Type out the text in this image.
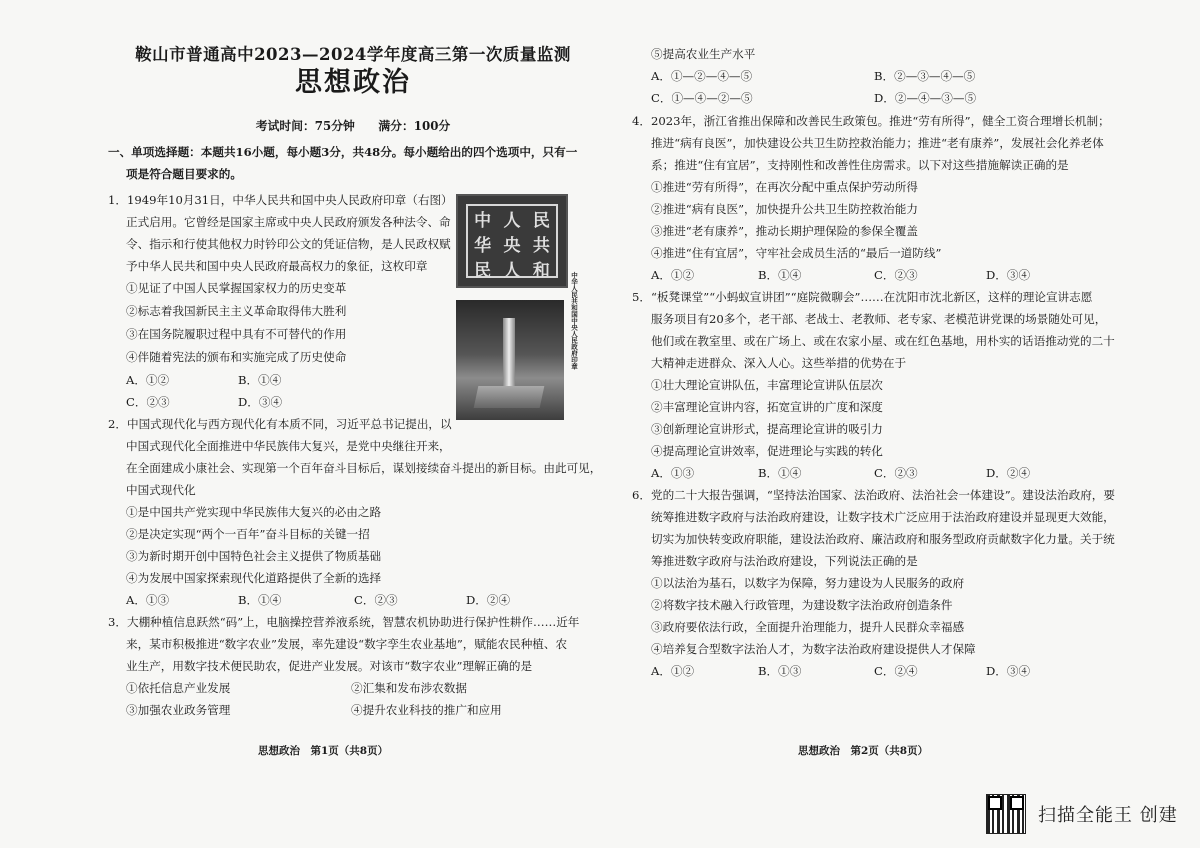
鞍山市普通高中2023—2024学年度高三第一次质量监测
思想政治
考试时间：75分钟　　满分：100分
一、单项选择题：本题共16小题，每小题3分，共48分。每小题给出的四个选项中，只有一
项是符合题目要求的。
1．1949年10月31日，中华人民共和国中央人民政府印章（右图）
正式启用。它曾经是国家主席或中央人民政府颁发各种法令、命
令、指示和行使其他权力时钤印公文的凭证信物，是人民政权赋
予中华人民共和国中央人民政府最高权力的象征，这枚印章
①见证了中国人民掌握国家权力的历史变革
②标志着我国新民主主义革命取得伟大胜利
③在国务院履职过程中具有不可替代的作用
④伴随着宪法的颁布和实施完成了历史使命
A．①②	B．①④
C．②③	D．③④
2．中国式现代化与西方现代化有本质不同，习近平总书记提出，以
中国式现代化全面推进中华民族伟大复兴，是党中央继往开来，
在全面建成小康社会、实现第一个百年奋斗目标后，谋划接续奋斗提出的新目标。由此可见，
中国式现代化
①是中国共产党实现中华民族伟大复兴的必由之路
②是决定实现“两个一百年”奋斗目标的关键一招
③为新时期开创中国特色社会主义提供了物质基础
④为发展中国家探索现代化道路提供了全新的选择
A．①③	B．①④	C．②③	D．②④
3．大棚种植信息跃然“码”上，电脑操控营养液系统，智慧农机协助进行保护性耕作……近年
来，某市积极推进“数字农业”发展，率先建设“数字孪生农业基地”，赋能农民种植、农
业生产，用数字技术便民助农，促进产业发展。对该市“数字农业”理解正确的是
①依托信息产业发展	②汇集和发布涉农数据
③加强农业政务管理	④提升农业科技的推广和应用
思想政治　第1页（共8页）
中 人 民
华 央 共
民 人 和
中华人民共和国中央人民政府印章
⑤提高农业生产水平
A．①—②—④—⑤	B．②—③—④—⑤
C．①—④—②—⑤	D．②—④—③—⑤
4．2023年，浙江省推出保障和改善民生政策包。推进“劳有所得”，健全工资合理增长机制；
推进“病有良医”，加快建设公共卫生防控救治能力；推进“老有康养”，发展社会化养老体
系；推进“住有宜居”，支持刚性和改善性住房需求。以下对这些措施解读正确的是
①推进“劳有所得”，在再次分配中重点保护劳动所得
②推进“病有良医”，加快提升公共卫生防控救治能力
③推进“老有康养”，推动长期护理保险的参保全覆盖
④推进“住有宜居”，守牢社会成员生活的“最后一道防线”
A．①②	B．①④	C．②③	D．③④
5．“板凳课堂”“小蚂蚁宣讲团”“庭院微聊会”……在沈阳市沈北新区，这样的理论宣讲志愿
服务项目有20多个，老干部、老战士、老教师、老专家、老模范讲党课的场景随处可见，
他们或在教室里、或在广场上、或在农家小屋、或在红色基地，用朴实的话语推动党的二十
大精神走进群众、深入人心。这些举措的优势在于
①壮大理论宣讲队伍，丰富理论宣讲队伍层次
②丰富理论宣讲内容，拓宽宣讲的广度和深度
③创新理论宣讲形式，提高理论宣讲的吸引力
④提高理论宣讲效率，促进理论与实践的转化
A．①③	B．①④	C．②③	D．②④
6．党的二十大报告强调，“坚持法治国家、法治政府、法治社会一体建设”。建设法治政府，要
统筹推进数字政府与法治政府建设，让数字技术广泛应用于法治政府建设并显现更大效能，
切实为加快转变政府职能，建设法治政府、廉洁政府和服务型政府贡献数字化力量。关于统
筹推进数字政府与法治政府建设，下列说法正确的是
①以法治为基石，以数字为保障，努力建设为人民服务的政府
②将数字技术融入行政管理，为建设数字法治政府创造条件
③政府要依法行政，全面提升治理能力，提升人民群众幸福感
④培养复合型数字法治人才，为数字法治政府建设提供人才保障
A．①②	B．①③	C．②④	D．③④
思想政治　第2页（共8页）
扫描全能王 创建
